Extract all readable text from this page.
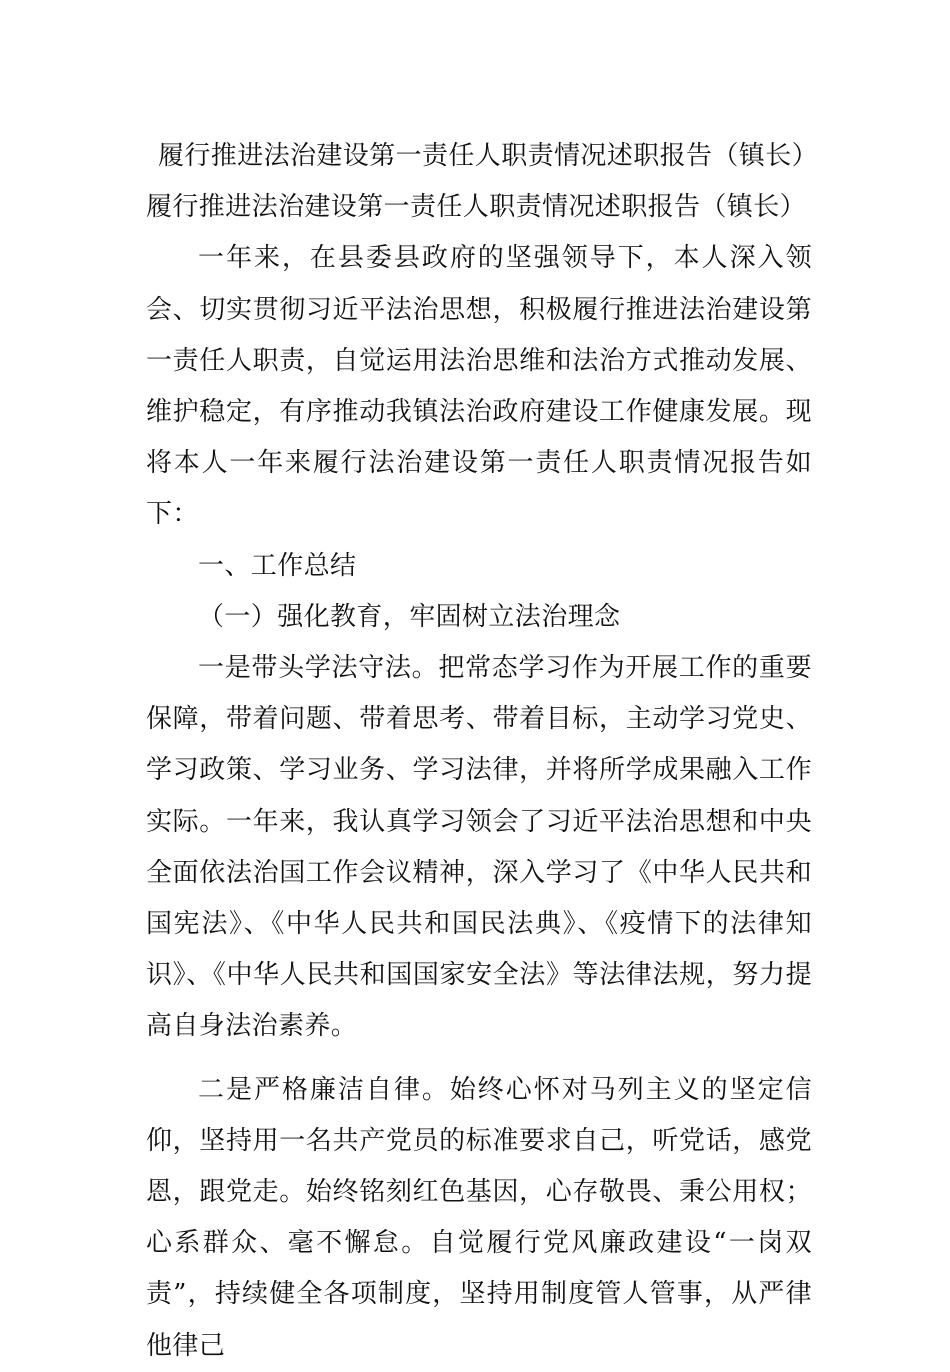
履行推进法治建设第一责任人职责情况述职报告（镇长）
履行推进法治建设第一责任人职责情况述职报告（镇长）

一年来，在县委县政府的坚强领导下，本人深入领会、切实贯彻习近平法治思想，积极履行推进法治建设第一责任人职责，自觉运用法治思维和法治方式推动发展、维护稳定，有序推动我镇法治政府建设工作健康发展。现将本人一年来履行法治建设第一责任人职责情况报告如下：

一、工作总结

（一）强化教育，牢固树立法治理念

一是带头学法守法。把常态学习作为开展工作的重要保障，带着问题、带着思考、带着目标，主动学习党史、学习政策、学习业务、学习法律，并将所学成果融入工作实际。一年来，我认真学习领会了习近平法治思想和中央全面依法治国工作会议精神，深入学习了《中华人民共和国宪法》、《中华人民共和国民法典》、《疫情下的法律知识》、《中华人民共和国国家安全法》等法律法规，努力提高自身法治素养。

二是严格廉洁自律。始终心怀对马列主义的坚定信仰，坚持用一名共产党员的标准要求自己，听党话，感党恩，跟党走。始终铭刻红色基因，心存敬畏、秉公用权；心系群众、毫不懈怠。自觉履行党风廉政建设“一岗双责”，持续健全各项制度，坚持用制度管人管事，从严律他律己
